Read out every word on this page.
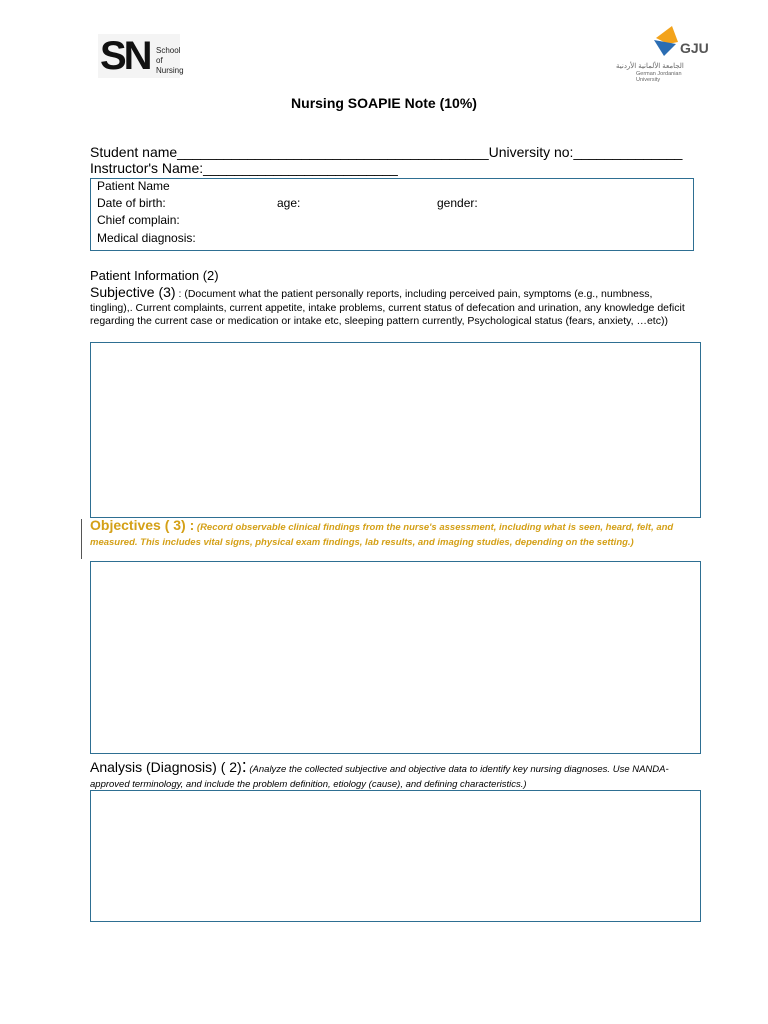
SN School of
Nursing
GJU
الجامعة الألمانية الأردنية
German Jordanian University
Nursing SOAPIE Note (10%)
Student name________________________________________University no:______________
Instructor's Name:_________________________
Patient Name
Date of birth:	age:	gender:
Chief complain:
Medical diagnosis:
Patient Information (2)
Subjective (3) : (Document what the patient personally reports, including perceived pain, symptoms (e.g., numbness, tingling),. Current complaints, current appetite, intake problems, current status of defecation and urination, any knowledge deficit regarding the current case or medication or intake etc, sleeping pattern currently, Psychological status (fears, anxiety, …etc))
Objectives ( 3) : (Record observable clinical findings from the nurse's assessment, including what is seen, heard, felt, and measured. This includes vital signs, physical exam findings, lab results, and imaging studies, depending on the setting.)
Analysis (Diagnosis) ( 2): (Analyze the collected subjective and objective data to identify key nursing diagnoses. Use NANDA-approved terminology, and include the problem definition, etiology (cause), and defining characteristics.)
